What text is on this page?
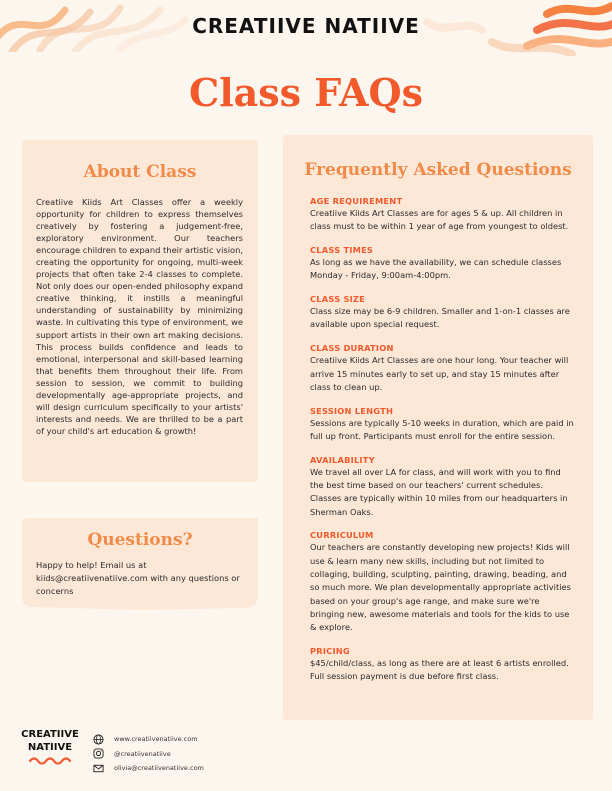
CREATIIVE NATIIVE
Class FAQs
About Class
Creatiive Kiids Art Classes offer a weekly opportunity for children to express themselves creatively by fostering a judgement-free, exploratory environment. Our teachers encourage children to expand their artistic vision, creating the opportunity for ongoing, multi-week projects that often take 2-4 classes to complete. Not only does our open-ended philosophy expand creative thinking, it instills a meaningful understanding of sustainability by minimizing waste. In cultivating this type of environment, we support artists in their own art making decisions. This process builds confidence and leads to emotional, interpersonal and skill-based learning that benefits them throughout their life. From session to session, we commit to building developmentally age-appropriate projects, and will design curriculum specifically to your artists' interests and needs. We are thrilled to be a part of your child's art education & growth!
Questions?
Happy to help! Email us at kiids@creatiivenatiive.com with any questions or concerns
Frequently Asked Questions
AGE REQUIREMENT
Creatiive Kiids Art Classes are for ages 5 & up. All children in class must to be within 1 year of age from youngest to oldest.
CLASS TIMES
As long as we have the availability, we can schedule classes Monday - Friday, 9:00am-4:00pm.
CLASS SIZE
Class size may be 6-9 children. Smaller and 1-on-1 classes are available upon special request.
CLASS DURATION
Creatiive Kiids Art Classes are one hour long. Your teacher will arrive 15 minutes early to set up, and stay 15 minutes after class to clean up.
SESSION LENGTH
Sessions are typically 5-10 weeks in duration, which are paid in full up front. Participants must enroll for the entire session.
AVAILABILITY
We travel all over LA for class, and will work with you to find the best time based on our teachers' current schedules. Classes are typically within 10 miles from our headquarters in Sherman Oaks.
CURRICULUM
Our teachers are constantly developing new projects! Kids will use & learn many new skills, including but not limited to collaging, building, sculpting, painting, drawing, beading, and so much more. We plan developmentally appropriate activities based on your group's age range, and make sure we're bringing new, awesome materials and tools for the kids to use & explore.
PRICING
$45/child/class, as long as there are at least 6 artists enrolled. Full session payment is due before first class.
CREATIIVE
NATIIVE
www.creatiivenatiive.com
@creatiivenatiive
olivia@creatiivenatiive.com
